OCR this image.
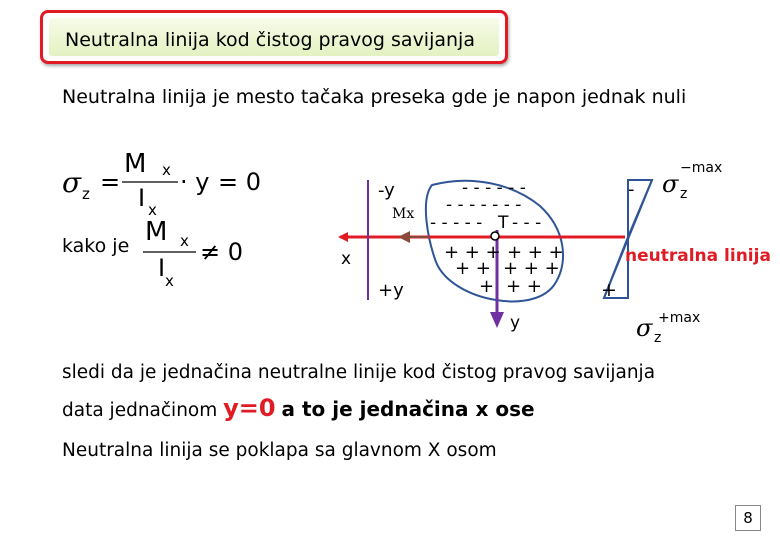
Neutralna linija kod čistog pravog savijanja
Neutralna linija je mesto tačaka preseka gde je napon jednak nuli
σ z =
M x
I x
· y = 0
M x
I x
≠ 0
-y
Mx
x
+y
y
- - - - - -
- - - - - - -
- - - - - T - - -
+ + + + + +
+ + + + +
+ + +
-
+
σ z
−max
σ z
+max
neutralna linija
kako je
sledi da je jednačina neutralne linije kod čistog pravog savijanja
data jednačinom y=0 a to je jednačina x ose
Neutralna linija se poklapa sa glavnom X osom
8
